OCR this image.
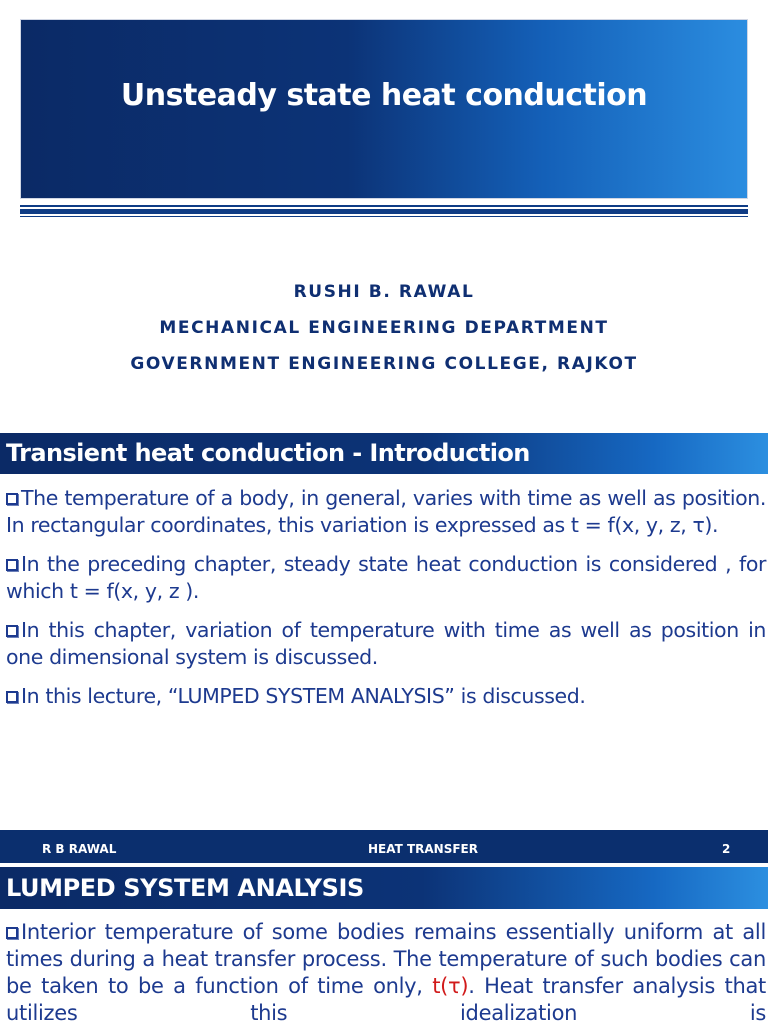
Unsteady state heat conduction
RUSHI B. RAWAL
MECHANICAL ENGINEERING DEPARTMENT
GOVERNMENT ENGINEERING COLLEGE, RAJKOT
Transient heat conduction - Introduction
The temperature of a body, in general, varies with time as well as position. In rectangular coordinates, this variation is expressed as t = f(x, y, z, τ).
In the preceding chapter, steady state heat conduction is considered , for which t = f(x, y, z ).
In this chapter, variation of temperature with time as well as position in one dimensional system is discussed.
In this lecture, “LUMPED SYSTEM ANALYSIS” is discussed.
R B RAWAL	HEAT TRANSFER	2
LUMPED SYSTEM ANALYSIS
Interior temperature of some bodies remains essentially uniform at all times during a heat transfer process. The temperature of such bodies can be taken to be a function of time only, t(τ). Heat transfer analysis that utilizes this idealization is
